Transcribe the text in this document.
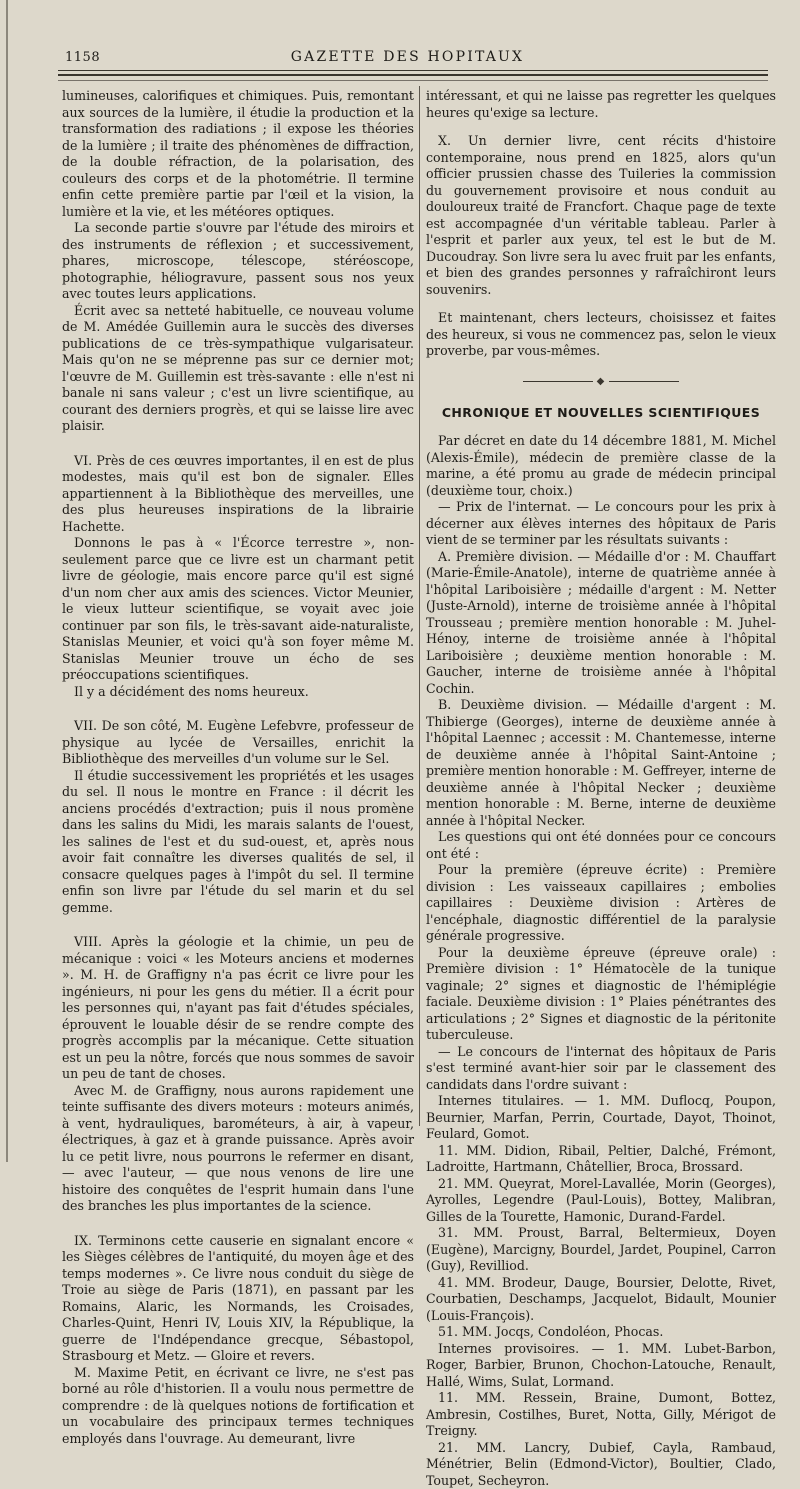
1158	GAZETTE DES HOPITAUX

lumineuses, calorifiques et chimiques. Puis, remontant aux sources de la lumière, il étudie la production et la transformation des radiations ; il expose les théories de la lumière ; il traite des phénomènes de diffraction, de la double réfraction, de la polarisation, des couleurs des corps et de la photométrie. Il termine enfin cette première partie par l'œil et la vision, la lumière et la vie, et les météores optiques.

La seconde partie s'ouvre par l'étude des miroirs et des instruments de réflexion ; et successivement, phares, microscope, télescope, stéréoscope, photographie, héliogravure, passent sous nos yeux avec toutes leurs applications.

Écrit avec sa netteté habituelle, ce nouveau volume de M. Amédée Guillemin aura le succès des diverses publications de ce très-sympathique vulgarisateur. Mais qu'on ne se méprenne pas sur ce dernier mot; l'œuvre de M. Guillemin est très-savante : elle n'est ni banale ni sans valeur ; c'est un livre scientifique, au courant des derniers progrès, et qui se laisse lire avec plaisir.

VI. Près de ces œuvres importantes, il en est de plus modestes, mais qu'il est bon de signaler. Elles appartiennent à la Bibliothèque des merveilles, une des plus heureuses inspirations de la librairie Hachette.

Donnons le pas à « l'Écorce terrestre », non-seulement parce que ce livre est un charmant petit livre de géologie, mais encore parce qu'il est signé d'un nom cher aux amis des sciences. Victor Meunier, le vieux lutteur scientifique, se voyait avec joie continuer par son fils, le très-savant aide-naturaliste, Stanislas Meunier, et voici qu'à son foyer même M. Stanislas Meunier trouve un écho de ses préoccupations scientifiques.

Il y a décidément des noms heureux.

VII. De son côté, M. Eugène Lefebvre, professeur de physique au lycée de Versailles, enrichit la Bibliothèque des merveilles d'un volume sur le Sel.

Il étudie successivement les propriétés et les usages du sel. Il nous le montre en France : il décrit les anciens procédés d'extraction; puis il nous promène dans les salins du Midi, les marais salants de l'ouest, les salines de l'est et du sud-ouest, et, après nous avoir fait connaître les diverses qualités de sel, il consacre quelques pages à l'impôt du sel. Il termine enfin son livre par l'étude du sel marin et du sel gemme.

VIII. Après la géologie et la chimie, un peu de mécanique : voici « les Moteurs anciens et modernes ». M. H. de Graffigny n'a pas écrit ce livre pour les ingénieurs, ni pour les gens du métier. Il a écrit pour les personnes qui, n'ayant pas fait d'études spéciales, éprouvent le louable désir de se rendre compte des progrès accomplis par la mécanique. Cette situation est un peu la nôtre, forcés que nous sommes de savoir un peu de tant de choses.

Avec M. de Graffigny, nous aurons rapidement une teinte suffisante des divers moteurs : moteurs animés, à vent, hydrauliques, barométeurs, à air, à vapeur, électriques, à gaz et à grande puissance. Après avoir lu ce petit livre, nous pourrons le refermer en disant, — avec l'auteur, — que nous venons de lire une histoire des conquêtes de l'esprit humain dans l'une des branches les plus importantes de la science.

IX. Terminons cette causerie en signalant encore « les Sièges célèbres de l'antiquité, du moyen âge et des temps modernes ». Ce livre nous conduit du siège de Troie au siège de Paris (1871), en passant par les Romains, Alaric, les Normands, les Croisades, Charles-Quint, Henri IV, Louis XIV, la République, la guerre de l'Indépendance grecque, Sébastopol, Strasbourg et Metz. — Gloire et revers.

M. Maxime Petit, en écrivant ce livre, ne s'est pas borné au rôle d'historien. Il a voulu nous permettre de comprendre : de là quelques notions de fortification et un vocabulaire des principaux termes techniques employés dans l'ouvrage. Au demeurant, livre

intéressant, et qui ne laisse pas regretter les quelques heures qu'exige sa lecture.

X. Un dernier livre, cent récits d'histoire contemporaine, nous prend en 1825, alors qu'un officier prussien chasse des Tuileries la commission du gouvernement provisoire et nous conduit au douloureux traité de Francfort. Chaque page de texte est accompagnée d'un véritable tableau. Parler à l'esprit et parler aux yeux, tel est le but de M. Ducoudray. Son livre sera lu avec fruit par les enfants, et bien des grandes personnes y rafraîchiront leurs souvenirs.

Et maintenant, chers lecteurs, choisissez et faites des heureux, si vous ne commencez pas, selon le vieux proverbe, par vous-mêmes.

◆
CHRONIQUE ET NOUVELLES SCIENTIFIQUES

Par décret en date du 14 décembre 1881, M. Michel (Alexis-Émile), médecin de première classe de la marine, a été promu au grade de médecin principal (deuxième tour, choix.)

— Prix de l'internat. — Le concours pour les prix à décerner aux élèves internes des hôpitaux de Paris vient de se terminer par les résultats suivants :

A. Première division. — Médaille d'or : M. Chauffart (Marie-Émile-Anatole), interne de quatrième année à l'hôpital Lariboisière ; médaille d'argent : M. Netter (Juste-Arnold), interne de troisième année à l'hôpital Trousseau ; première mention honorable : M. Juhel-Hénoy, interne de troisième année à l'hôpital Lariboisière ; deuxième mention honorable : M. Gaucher, interne de troisième année à l'hôpital Cochin.

B. Deuxième division. — Médaille d'argent : M. Thibierge (Georges), interne de deuxième année à l'hôpital Laennec ; accessit : M. Chantemesse, interne de deuxième année à l'hôpital Saint-Antoine ; première mention honorable : M. Geffreyer, interne de deuxième année à l'hôpital Necker ; deuxième mention honorable : M. Berne, interne de deuxième année à l'hôpital Necker.

Les questions qui ont été données pour ce concours ont été :

Pour la première (épreuve écrite) : Première division : Les vaisseaux capillaires ; embolies capillaires : Deuxième division : Artères de l'encéphale, diagnostic différentiel de la paralysie générale progressive.

Pour la deuxième épreuve (épreuve orale) : Première division : 1° Hématocèle de la tunique vaginale; 2° signes et diagnostic de l'hémiplégie faciale. Deuxième division : 1° Plaies pénétrantes des articulations ; 2° Signes et diagnostic de la péritonite tuberculeuse.

— Le concours de l'internat des hôpitaux de Paris s'est terminé avant-hier soir par le classement des candidats dans l'ordre suivant :

Internes titulaires. — 1. MM. Duflocq, Poupon, Beurnier, Marfan, Perrin, Courtade, Dayot, Thoinot, Feulard, Gomot.

11. MM. Didion, Ribail, Peltier, Dalché, Frémont, Ladroitte, Hartmann, Châtellier, Broca, Brossard.

21. MM. Queyrat, Morel-Lavallée, Morin (Georges), Ayrolles, Legendre (Paul-Louis), Bottey, Malibran, Gilles de la Tourette, Hamonic, Durand-Fardel.

31. MM. Proust, Barral, Beltermieux, Doyen (Eugène), Marcigny, Bourdel, Jardet, Poupinel, Carron (Guy), Revilliod.

41. MM. Brodeur, Dauge, Boursier, Delotte, Rivet, Courbatien, Deschamps, Jacquelot, Bidault, Mounier (Louis-François).

51. MM. Jocqs, Condoléon, Phocas.

Internes provisoires. — 1. MM. Lubet-Barbon, Roger, Barbier, Brunon, Chochon-Latouche, Renault, Hallé, Wims, Sulat, Lormand.

11. MM. Ressein, Braine, Dumont, Bottez, Ambresin, Costilhes, Buret, Notta, Gilly, Mérigot de Treigny.

21. MM. Lancry, Dubief, Cayla, Rambaud, Ménétrier, Belin (Edmond-Victor), Boultier, Clado, Toupet, Secheyron.
